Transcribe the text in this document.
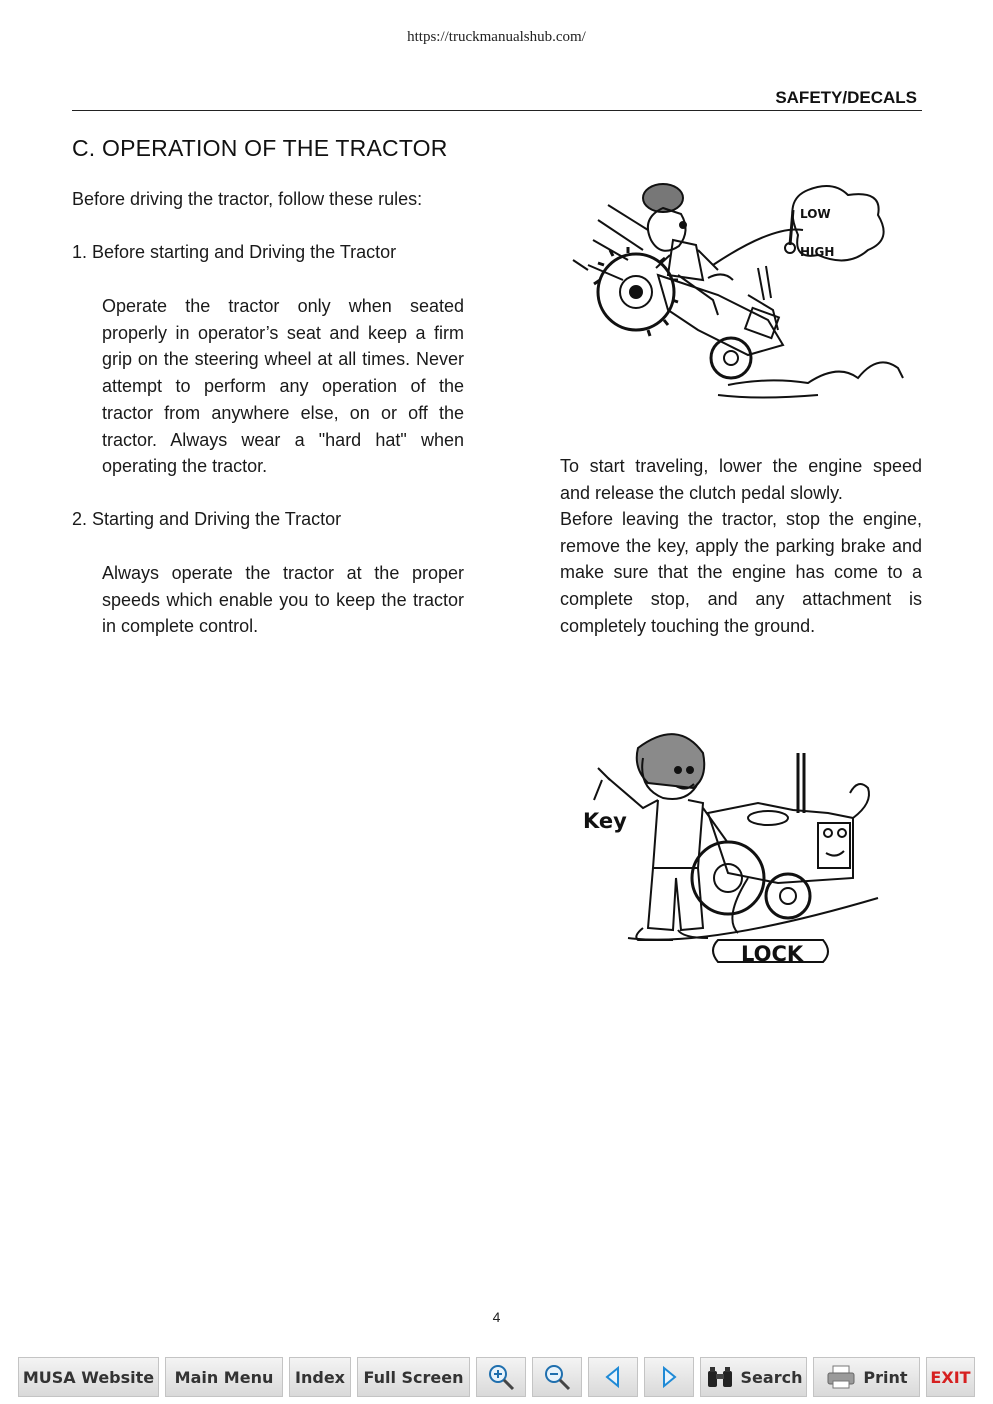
https://truckmanualshub.com/
SAFETY/DECALS
C. OPERATION OF THE TRACTOR
Before driving the tractor, follow these rules:
1. Before starting and Driving the Tractor
Operate the tractor only when seated properly in operator’s seat and keep a firm grip on the steering wheel at all times. Never attempt to perform any operation of the tractor from anywhere else, on or off the tractor. Always wear a "hard hat" when operating the tractor.
2. Starting and Driving the Tractor
Always operate the tractor at the proper speeds which enable you to keep the tractor in complete control.
LOW
HIGH
To start traveling, lower the engine speed and release the clutch pedal slowly.
Before leaving the tractor, stop the engine, remove the key, apply the parking brake and make sure that the engine has come to a complete stop, and any attachment is completely touching the ground.
Key
LOCK
4
MUSA Website	Main Menu	Index	Full Screen	Search	Print EXIT
